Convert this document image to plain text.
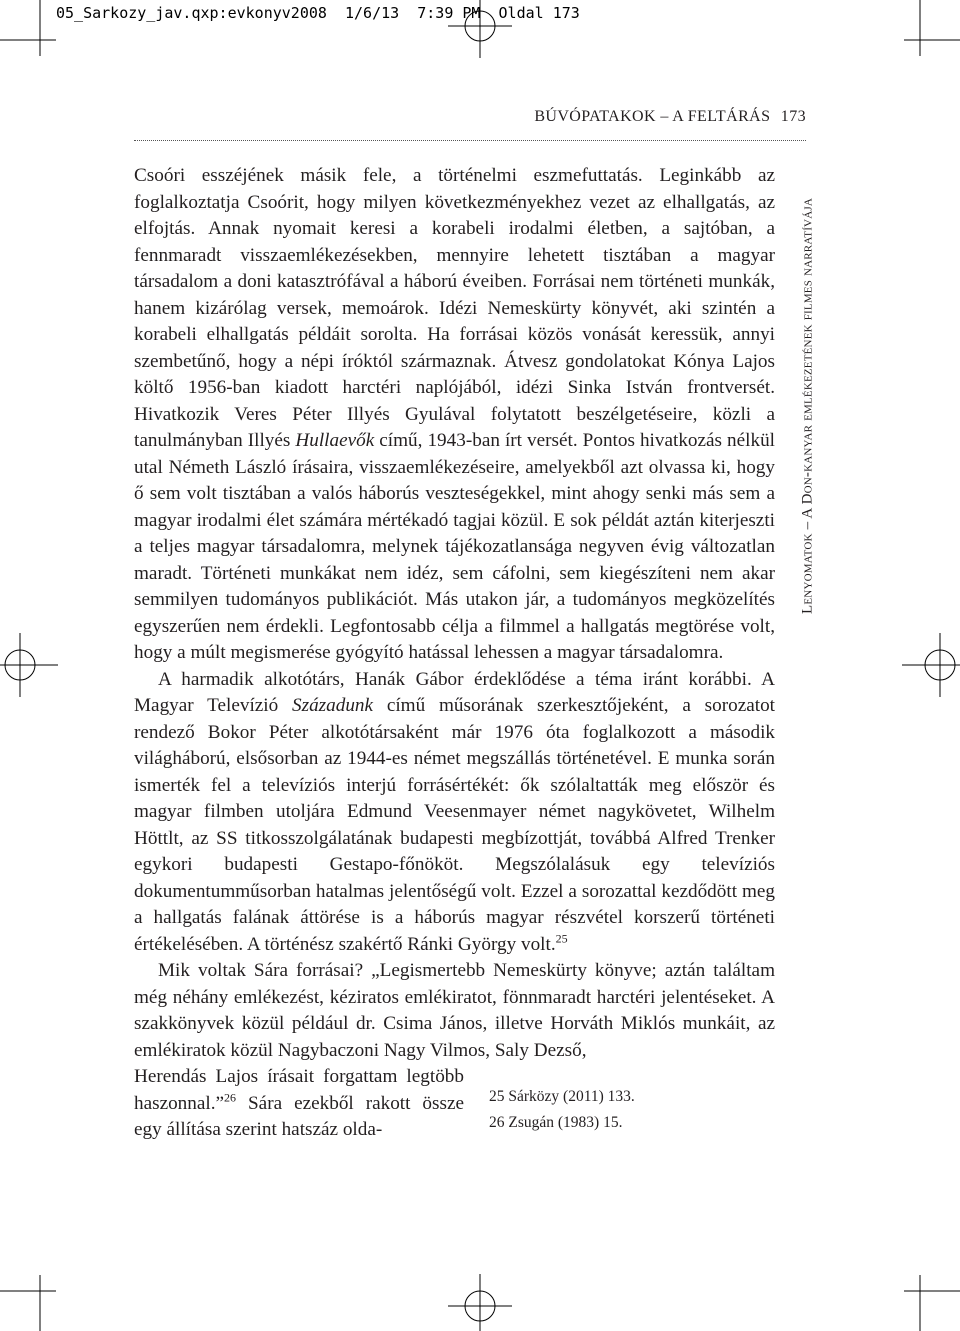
05_Sarkozy_jav.qxp:evkonyv2008  1/6/13  7:39 PM  Oldal 173
BÚVÓPATAKOK – A FELTÁRÁS 173
Lenyomatok – A Don-kanyar emlékezetének filmes narratívája

Csoóri esszéjének másik fele, a történelmi eszmefuttatás. Leginkább az foglalkoztatja Csoórit, hogy milyen következményekhez vezet az elhallgatás, az elfojtás. Annak nyomait keresi a korabeli irodalmi életben, a sajtóban, a fennmaradt visszaemlékezésekben, mennyire lehetett tisztában a magyar társadalom a doni katasztrófával a háború éveiben. Forrásai nem történeti munkák, hanem kizárólag versek, memoárok. Idézi Nemeskürty könyvét, aki szintén a korabeli elhallgatás példáit sorolta. Ha forrásai közös vonását keressük, annyi szembetűnő, hogy a népi íróktól származnak. Átvesz gondolatokat Kónya Lajos költő 1956-ban kiadott harctéri naplójából, idézi Sinka István frontversét. Hivatkozik Veres Péter Illyés Gyulával folytatott beszélgetéseire, közli a tanulmányban Illyés Hullaevők című, 1943-ban írt versét. Pontos hivatkozás nélkül utal Németh László írásaira, visszaemlékezéseire, amelyekből azt olvassa ki, hogy ő sem volt tisztában a valós háborús veszteségekkel, mint ahogy senki más sem a magyar irodalmi élet számára mértékadó tagjai közül. E sok példát aztán kiterjeszti a teljes magyar társadalomra, melynek tájékozatlansága negyven évig változatlan maradt. Történeti munkákat nem idéz, sem cáfolni, sem kiegészíteni nem akar semmilyen tudományos publikációt. Más utakon jár, a tudományos megközelítés egyszerűen nem érdekli. Legfontosabb célja a filmmel a hallgatás megtörése volt, hogy a múlt megismerése gyógyító hatással lehessen a magyar társadalomra.

A harmadik alkotótárs, Hanák Gábor érdeklődése a téma iránt korábbi. A Magyar Televízió Századunk című műsorának szerkesztőjeként, a sorozatot rendező Bokor Péter alkotótársaként már 1976 óta foglalkozott a második világháború, elsősorban az 1944-es német megszállás történetével. E munka során ismerték fel a televíziós interjú forrásértékét: ők szólaltatták meg először és magyar filmben utoljára Edmund Veesenmayer német nagykövetet, Wilhelm Höttlt, az SS titkosszolgálatának budapesti megbízottját, továbbá Alfred Trenker egykori budapesti Gestapo-főnököt. Megszólalásuk egy televíziós dokumentumműsorban hatalmas jelentőségű volt. Ezzel a sorozattal kezdődött meg a hallgatás falának áttörése is a háborús magyar részvétel korszerű történeti értékelésében. A történész szakértő Ránki György volt.$^{25}$

Mik voltak Sára forrásai? „Legismertebb Nemeskürty könyve; aztán találtam még néhány emlékezést, kéziratos emlékiratot, fönnmaradt harctéri jelentéseket. A szakkönyvek közül például dr. Csima János, illetve Horváth Miklós munkáit, az emlékiratok közül Nagybaczoni Nagy Vilmos, Saly Dezső,

Herendás Lajos írásait forgattam legtöbb haszonnal.”$^{26}$ Sára ezekből rakott össze egy állítása szerint hatszáz olda-

25 Sárközy (2011) 133.
26 Zsugán (1983) 15.
